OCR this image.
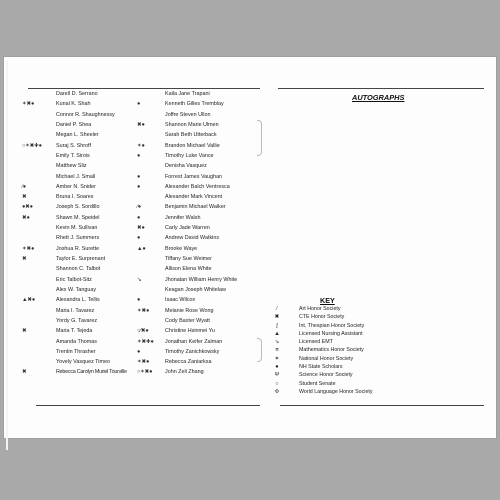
Darell D. Serrano
✶✖●	Kunal K. Shah
Connor R. Shaughnessy
Daniel P. Shea
Megan L. Sheeler
○✶✖✚●	Suraj S. Shroff
Emily T. Sirois
Matthew Sliz
Michael J. Small
∕●	Amber N. Snider
✖	Bruna I. Soares
●✖●	Joseph S. Sordillo
✖●	Shawn M. Speidel
Kevin M. Sullivan
Rhett J. Summers
✶✖●	Joshua R. Surette
✖	Taylor E. Surprenant
Shannon C. Talbot
Eric Talbot-Sitz
Alex W. Tanguay
▲✖●	Alexandra L. Tellis
Maria I. Tavarez
Yordy G. Tavarez
✖	Maria T. Tejeda
Amanda Thomas
Trentin Thrasher
Yovely Vasquez Timeo
✖	Rebecca Carolyn Muriel Tourville
Kaila Jane Trapani
●	Kenneth Gilles Tremblay
Joffre Steven Ullon
✖●	Shannon Marie Ulmen
Sarah Beth Utterback
✶●	Brandon Michael Vallie
●	Timothy Luke Vance
Denisha Vasquez
●	Forrest James Vaughan
●	Alexander Balch Ventresca
Alexander Mark Vincent
∕●	Benjamin Michael Walker
●	Jennifer Walsh
✖●	Carly Jade Warren
●	Andrew David Watkins
▲●	Brooke Waye
Tiffany Sue Weimer
Allison Elena White
↘	Jhonatan William Henry White
Keagan Joseph Whitelaw
●	Isaac Wilcox
✶✖●	Melanie Rose Wong
Cody Baxter Wyatt
○∕✖●	Christine Hsinmei Yu
✶✖✚● Jonathan Keifer Zalman
●	Timothy Zanichkowsky
✶✖●	Rebecca Zaniarksa
○✶✖● John Zeli Zhang
AUTOGRAPHS
KEY
∕	Art Honor Society
✖	CTE Honor Society
∫	Int. Thespian Honor Society
▲	Licensed Nursing Assistant
↘	Licensed EMT
π	Mathematics Honor Society
✶	National Honor Society
●	NH State Scholars
Ψ	Science Honor Society
○	Student Senate
✣	World Language Honor Society
